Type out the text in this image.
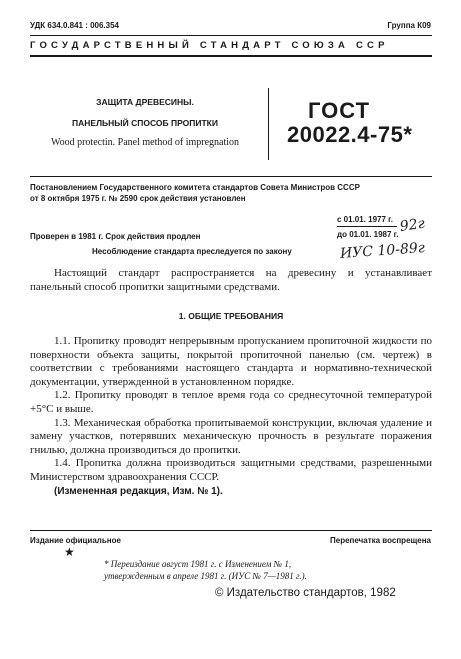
УДК 634.0.841 : 006.354	Группа К09
ГОСУДАРСТВЕННЫЙ СТАНДАРТ СОЮЗА ССР
ЗАЩИТА ДРЕВЕСИНЫ.
ПАНЕЛЬНЫЙ СПОСОБ ПРОПИТКИ
Wood protectin. Panel method of impregnation
ГОСТ
20022.4-75*
Постановлением Государственного комитета стандартов Совета Министров СССР
от 8 октября 1975 г. № 2590 срок действия установлен
с 01.01. 1977 г.
Проверен в 1981 г. Срок действия продлен	до 01.01. 1987 г. 92г
Несоблюдение стандарта преследуется по закону	ИУС 10-89г
Настоящий стандарт распространяется на древесину и устанавливает панельный способ пропитки защитными средствами.
1. ОБЩИЕ ТРЕБОВАНИЯ
1.1. Пропитку проводят непрерывным пропусканием пропиточной жидкости по поверхности объекта защиты, покрытой пропиточной панелью (см. чертеж) в соответствии с требованиями настоящего стандарта и нормативно-технической документации, утвержденной в установленном порядке.
1.2. Пропитку проводят в теплое время года со среднесуточной температурой +5°С и выше.
1.3. Механическая обработка пропитываемой конструкции, включая удаление и замену участков, потерявших механическую прочность в результате поражения гнилью, должна производиться до пропитки.
1.4. Пропитка должна производиться защитными средствами, разрешенными Министерством здравоохранения СССР.
(Измененная редакция, Изм. № 1).
Издание официальное	Перепечатка воспрещена
★
* Переиздание август 1981 г. с Изменением № 1,
утвержденным в апреле 1981 г. (ИУС № 7—1981 г.).
© Издательство стандартов, 1982
